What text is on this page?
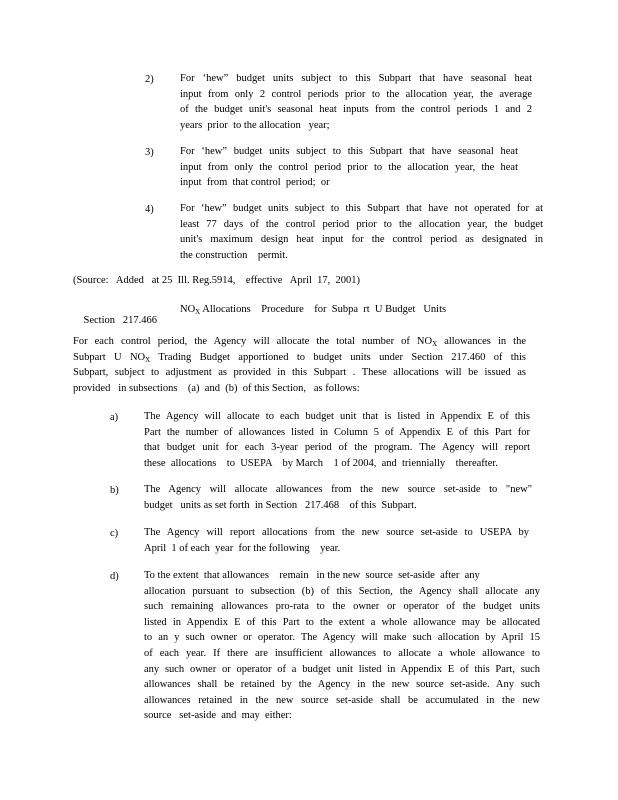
2)	For ‘hew” budget units subject to this Subpart that have seasonal heat
input from only 2 control periods prior to the allocation year, the average
of the budget unit's seasonal heat inputs from the control periods 1 and 2
years  prior  to the allocation   year;
3)	For ‘hew” budget units subject to this Subpart that have seasonal heat
input from only the control period prior to the allocation year, the heat
input  from  that control  period;  or
4)	For ‘hew” budget units subject to this Subpart that have not operated for at
least 77 days of the control period prior to the allocation year, the budget
unit's maximum design heat input for the control period as designated in
the construction    permit.
(Source:   Added   at 25  Ill. Reg.5914,    effective   April  17,  2001)

Section   217.466

$NO_X$ Allocations    Procedure    for  Subpa  rt  U Budget   Units
For each control period, the Agency will allocate the total number of $NO_X$ allowances in the
Subpart U $NO_X$ Trading Budget apportioned to budget units under Section 217.460 of this
Subpart, subject to adjustment as provided in this Subpart . These allocations will be issued as
provided   in subsections    (a)  and  (b)  of this Section,   as follows:
a) The Agency will allocate to each budget unit that is listed in Appendix E of this
Part the number of allowances listed in Column 5 of Appendix E of this Part for
that budget unit for each 3-year period of the program. The Agency will report
these  allocations    to  USEPA    by March    1 of 2004,  and  triennially    thereafter.
b) The Agency will allocate allowances from the new source set-aside to "new"
budget   units as set forth  in Section   217.468    of this  Subpart.
c) The Agency will report allocations from the new source set-aside to USEPA by
April  1 of each  year  for the following    year.
d) To the extent  that allowances    remain   in the new  source  set-aside  after  any
allocation pursuant to subsection (b) of this Section, the Agency shall allocate any
such remaining allowances pro-rata to the owner or operator of the budget units
listed in Appendix E of this Part to the extent a whole allowance may be allocated
to an y such owner or operator. The Agency will make such allocation by April 15
of each year. If there are insufficient allowances to allocate a whole allowance to
any such owner or operator of a budget unit listed in Appendix E of this Part, such
allowances shall be retained by the Agency in the new source set-aside. Any such
allowances retained in the new source set-aside shall be accumulated in the new
source   set-aside  and  may  either:
